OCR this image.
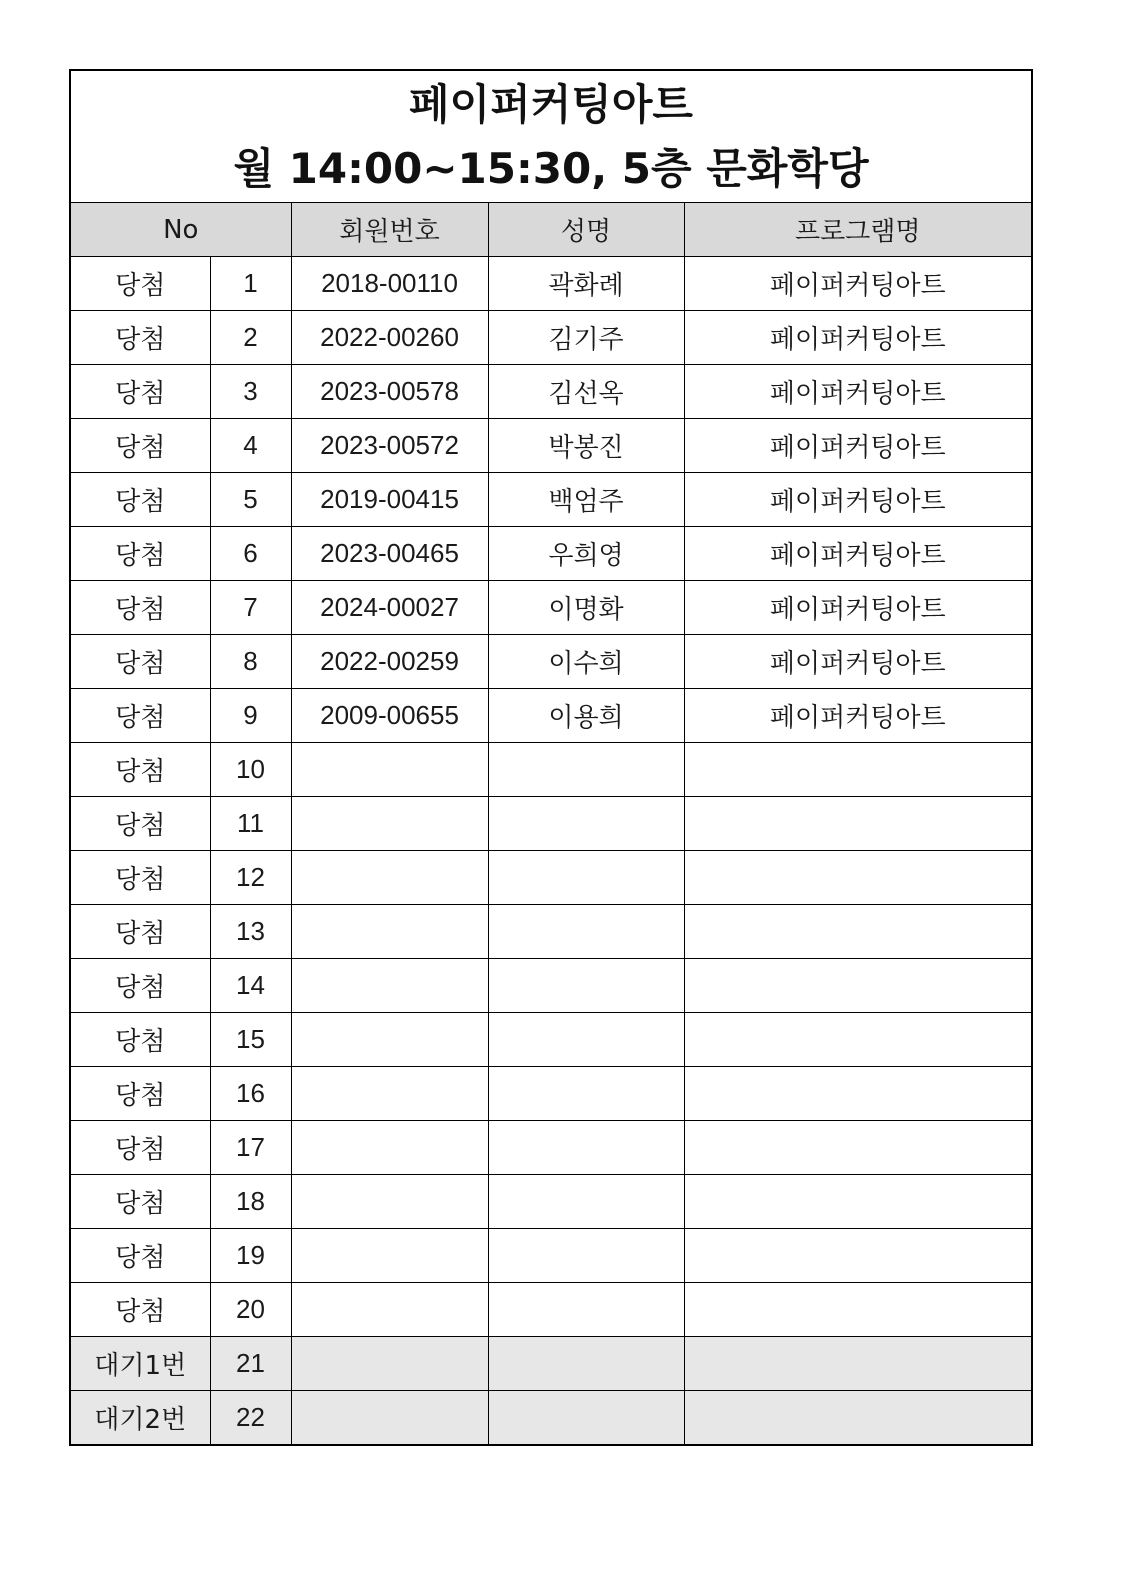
페이퍼커팅아트
월 14:00~15:30, 5층 문화학당
No		회원번호	성명	프로그램명
당첨	1	2018-00110	곽화례	페이퍼커팅아트
당첨	2	2022-00260	김기주	페이퍼커팅아트
당첨	3	2023-00578	김선옥	페이퍼커팅아트
당첨	4	2023-00572	박봉진	페이퍼커팅아트
당첨	5	2019-00415	백엄주	페이퍼커팅아트
당첨	6	2023-00465	우희영	페이퍼커팅아트
당첨	7	2024-00027	이명화	페이퍼커팅아트
당첨	8	2022-00259	이수희	페이퍼커팅아트
당첨	9	2009-00655	이용희	페이퍼커팅아트
당첨	10			
당첨	11			
당첨	12			
당첨	13			
당첨	14			
당첨	15			
당첨	16			
당첨	17			
당첨	18			
당첨	19			
당첨	20			
대기1번	21			
대기2번	22			
